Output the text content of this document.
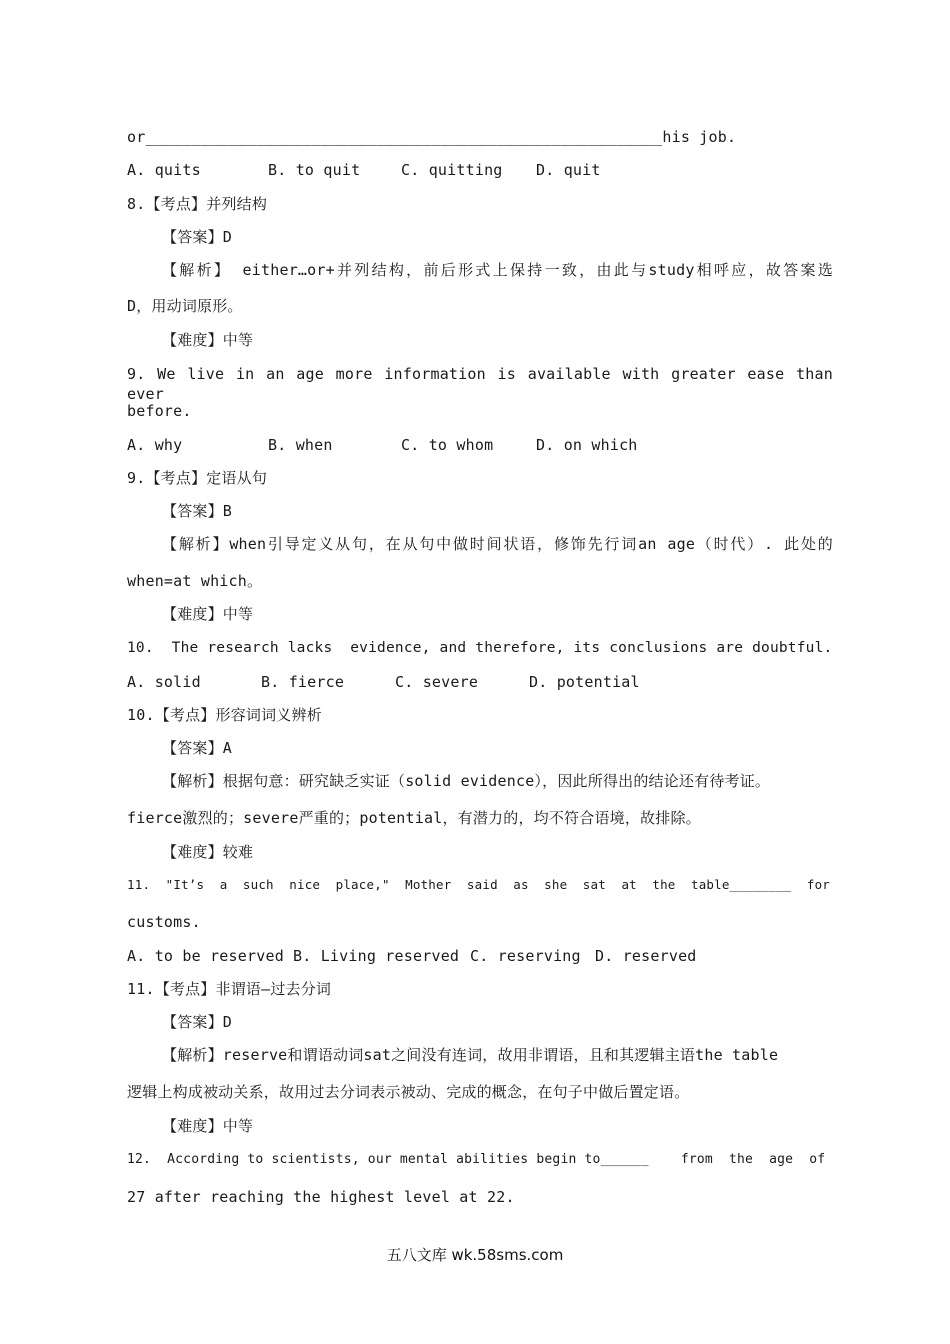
or________________________________________________________his job.
A. quits	B. to quit	C. quitting	D. quit
8.【考点】并列结构
【答案】D
【解析】 either…or+并列结构，前后形式上保持一致，由此与study相呼应，故答案选
D，用动词原形。
【难度】中等
9. We live in an age more information is available with greater ease than ever
before.
A. why	B. when	C. to whom	D. on which
9.【考点】定语从句
【答案】B
【解析】when引导定义从句，在从句中做时间状语，修饰先行词an age（时代）. 此处的
when=at which。
【难度】中等
10.  The research lacks  evidence, and therefore, its conclusions are doubtful.
A. solid	B. fierce	C. severe	D. potential
10.【考点】形容词词义辨析
【答案】A
【解析】根据句意：研究缺乏实证（solid evidence），因此所得出的结论还有待考证。
fierce激烈的；severe严重的；potential，有潜力的，均不符合语境，故排除。
【难度】较难
11.  "It’s  a  such  nice  place,"  Mother  said  as  she  sat  at  the  table________  for
customs.
A. to be reserved B. Living reserved C. reserving D. reserved
11.【考点】非谓语—过去分词
【答案】D
【解析】reserve和谓语动词sat之间没有连词，故用非谓语，且和其逻辑主语the table
逻辑上构成被动关系，故用过去分词表示被动、完成的概念，在句子中做后置定语。
【难度】中等
12.  According to scientists, our mental abilities begin to______    from  the  age  of
27 after reaching the highest level at 22.
五八文库 wk.58sms.com
